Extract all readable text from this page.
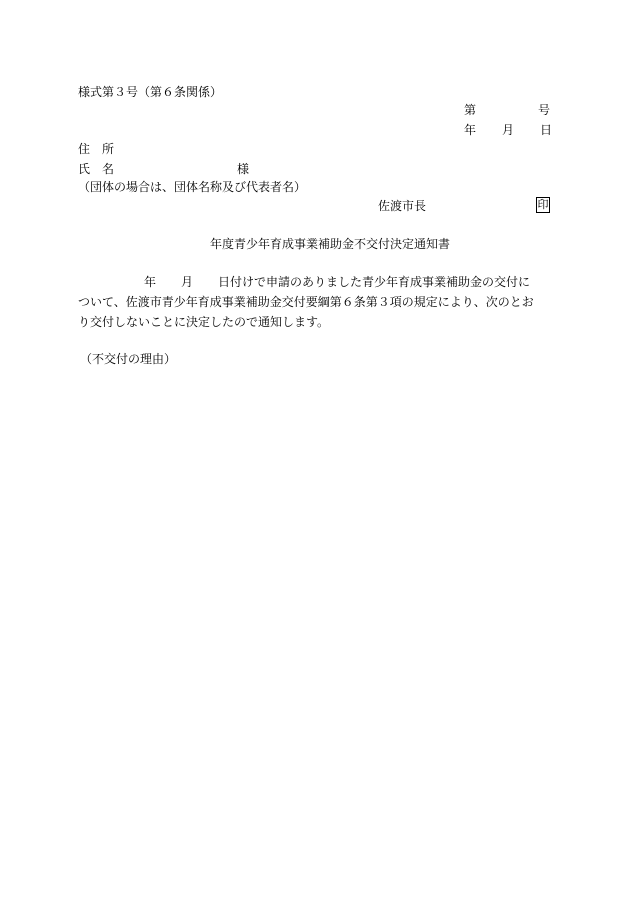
様式第３号（第６条関係）
第	号
年 月 日
住　所
氏　名	様
（団体の場合は、団体名称及び代表者名）
佐渡市長	印
年度青少年育成事業補助金不交付決定通知書
年 月 日付けで申請のありました青少年育成事業補助金の交付に
ついて、佐渡市青少年育成事業補助金交付要綱第６条第３項の規定により、次のとお
り交付しないことに決定したので通知します。
（不交付の理由）
